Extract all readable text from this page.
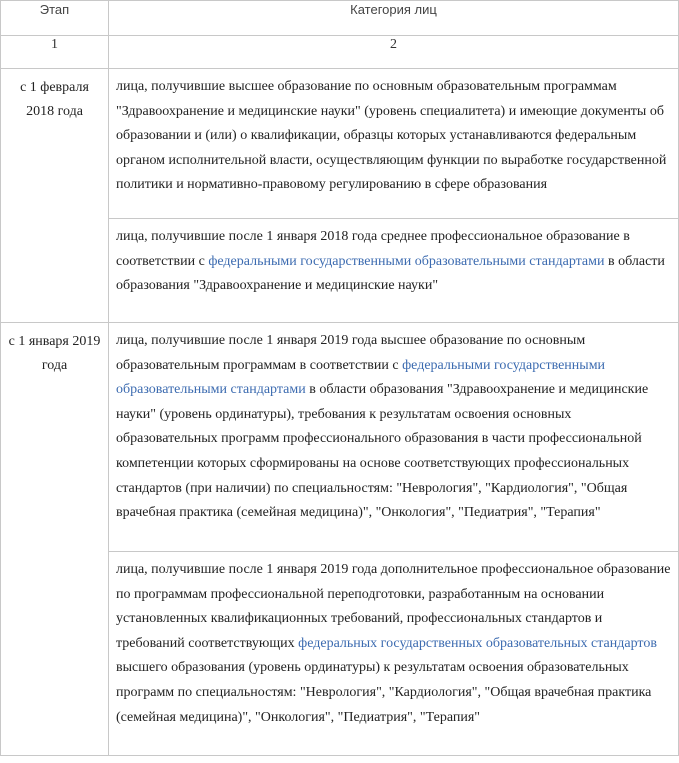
Этап	Категория лиц
1	2
с 1 февраля 2018 года	лица, получившие высшее образование по основным образовательным программам "Здравоохранение и медицинские науки" (уровень специалитета) и имеющие документы об образовании и (или) о квалификации, образцы которых устанавливаются федеральным органом исполнительной власти, осуществляющим функции по выработке государственной политики и нормативно-правовому регулированию в сфере образования
	лица, получившие после 1 января 2018 года среднее профессиональное образование в соответствии с федеральными государственными образовательными стандартами в области образования "Здравоохранение и медицинские науки"
с 1 января 2019 года	лица, получившие после 1 января 2019 года высшее образование по основным образовательным программам в соответствии с федеральными государственными образовательными стандартами в области образования "Здравоохранение и медицинские науки" (уровень ординатуры), требования к результатам освоения основных образовательных программ профессионального образования в части профессиональной компетенции которых сформированы на основе соответствующих профессиональных стандартов (при наличии) по специальностям: "Неврология", "Кардиология", "Общая врачебная практика (семейная медицина)", "Онкология", "Педиатрия", "Терапия"
	лица, получившие после 1 января 2019 года дополнительное профессиональное образование по программам профессиональной переподготовки, разработанным на основании установленных квалификационных требований, профессиональных стандартов и требований соответствующих федеральных государственных образовательных стандартов высшего образования (уровень ординатуры) к результатам освоения образовательных программ по специальностям: "Неврология", "Кардиология", "Общая врачебная практика (семейная медицина)", "Онкология", "Педиатрия", "Терапия"
